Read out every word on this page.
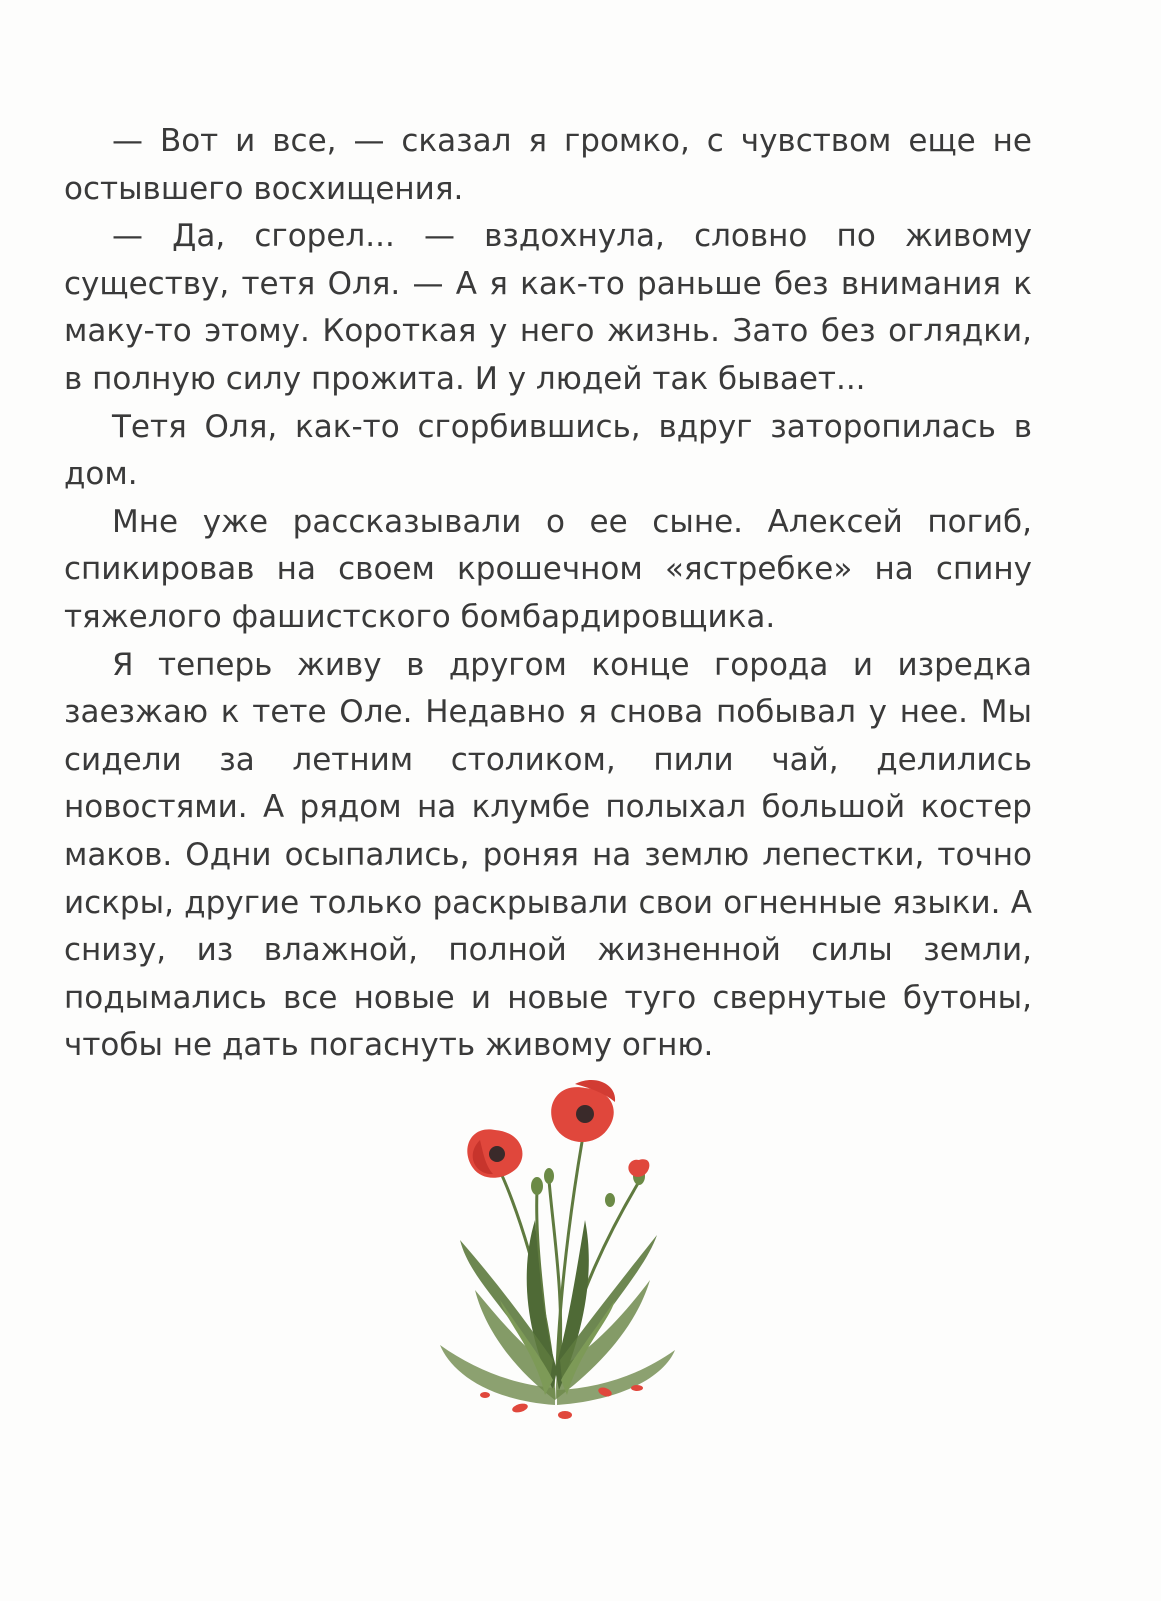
— Вот и все, — сказал я громко, с чувством еще не остывшего восхищения.

— Да, сгорел... — вздохнула, словно по живому существу, тетя Оля. — А я как-то раньше без внимания к маку-то этому. Короткая у него жизнь. Зато без оглядки, в полную силу прожита. И у людей так бывает...

Тетя Оля, как-то сгорбившись, вдруг заторопилась в дом.

Мне уже рассказывали о ее сыне. Алексей погиб, спикировав на своем крошечном «ястребке» на спину тяжелого фашистского бомбардировщика.

Я теперь живу в другом конце города и изредка заезжаю к тете Оле. Недавно я снова побывал у нее. Мы сидели за летним столиком, пили чай, делились новостями. А рядом на клумбе полыхал большой костер маков. Одни осыпались, роняя на землю лепестки, точно искры, другие только раскрывали свои огненные языки. А снизу, из влажной, полной жизненной силы земли, подымались все новые и новые туго свернутые бутоны, чтобы не дать погаснуть живому огню.
